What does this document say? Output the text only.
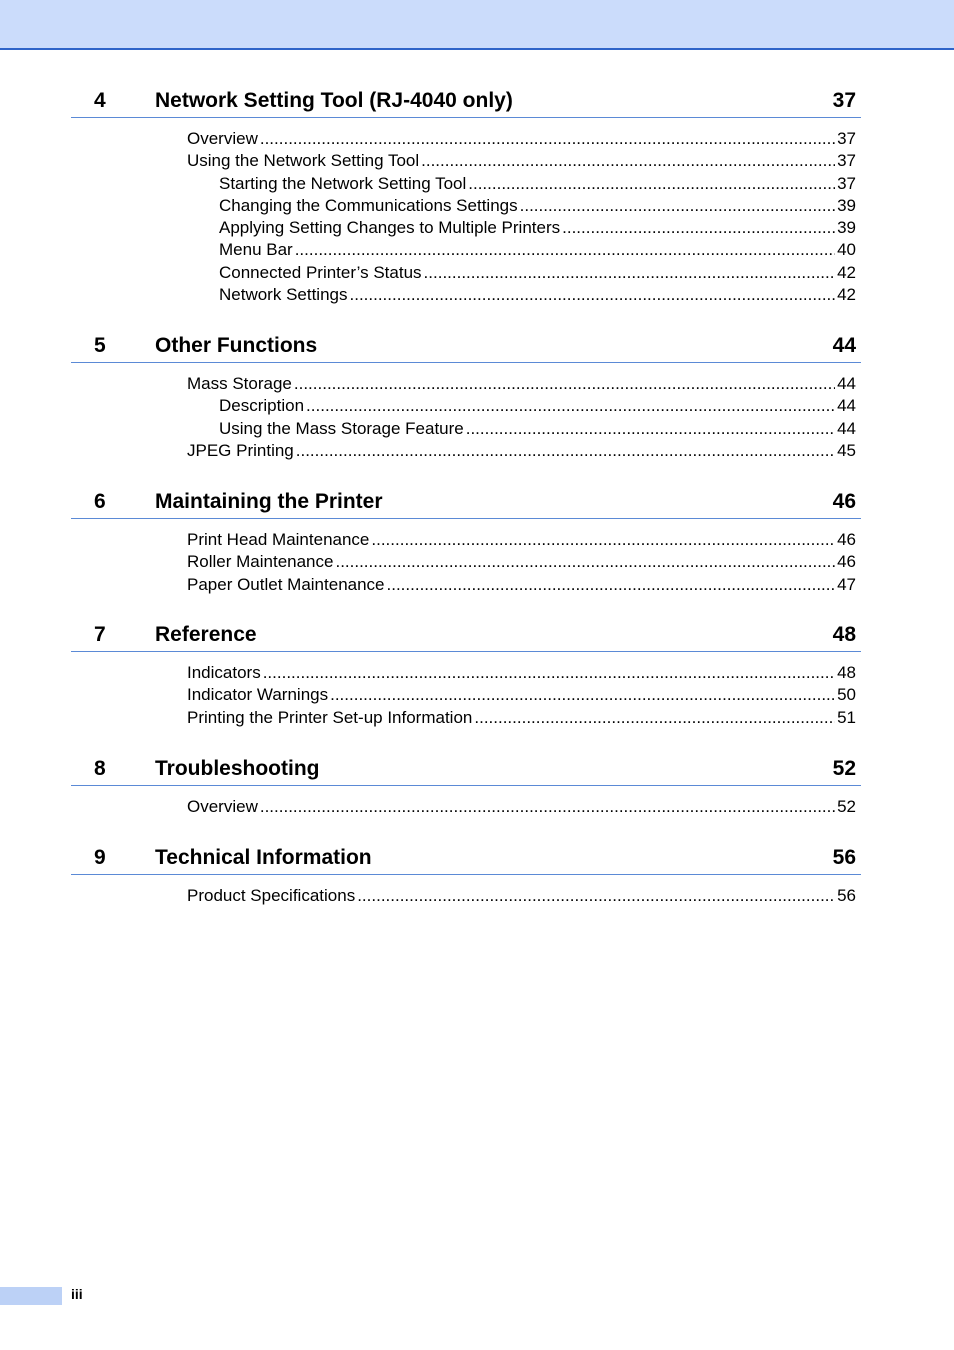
4 Network Setting Tool (RJ-4040 only)	37
Overview .....	37
Using the Network Setting Tool .....	37
Starting the Network Setting Tool .....	37
Changing the Communications Settings .....	39
Applying Setting Changes to Multiple Printers .....	39
Menu Bar .....	40
Connected Printer’s Status .....	42
Network Settings .....	42
5 Other Functions	44
Mass Storage .....	44
Description .....	44
Using the Mass Storage Feature .....	44
JPEG Printing .....	45
6 Maintaining the Printer	46
Print Head Maintenance .....	46
Roller Maintenance .....	46
Paper Outlet Maintenance .....	47
7 Reference	48
Indicators .....	48
Indicator Warnings .....	50
Printing the Printer Set-up Information .....	51
8 Troubleshooting	52
Overview .....	52
9 Technical Information	56
Product Specifications .....	56
iii
